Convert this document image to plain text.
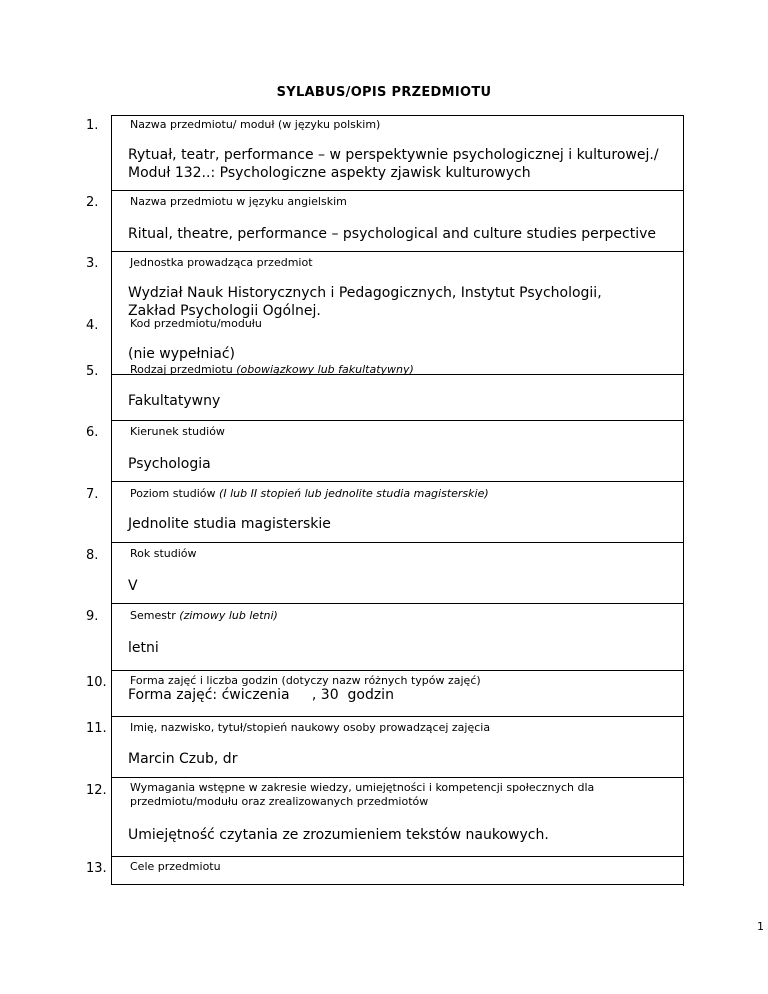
SYLABUS/OPIS PRZEDMIOTU
1.	Nazwa przedmiotu/ moduł (w języku polskim)
Rytuał, teatr, performance – w perspektywnie psychologicznej i kulturowej./
Moduł 132..: Psychologiczne aspekty zjawisk kulturowych
2.	Nazwa przedmiotu w języku angielskim
Ritual, theatre, performance – psychological and culture studies perpective
3.	Jednostka prowadząca przedmiot
Wydział Nauk Historycznych i Pedagogicznych, Instytut Psychologii,
Zakład Psychologii Ogólnej.
4.	Kod przedmiotu/modułu
(nie wypełniać)
5.	Rodzaj przedmiotu (obowiązkowy lub fakultatywny)
Fakultatywny
6.	Kierunek studiów
Psychologia
7.	Poziom studiów (I lub II stopień lub jednolite studia magisterskie)
Jednolite studia magisterskie
8.	Rok studiów
V
9.	Semestr (zimowy lub letni)
letni
10. Forma zajęć i liczba godzin (dotyczy nazw różnych typów zajęć)
Forma zajęć: ćwiczenia     , 30  godzin
11. Imię, nazwisko, tytuł/stopień naukowy osoby prowadzącej zajęcia
Marcin Czub, dr
12. Wymagania wstępne w zakresie wiedzy, umiejętności i kompetencji społecznych dla
przedmiotu/modułu oraz zrealizowanych przedmiotów
Umiejętność czytania ze zrozumieniem tekstów naukowych.
13. Cele przedmiotu
1
